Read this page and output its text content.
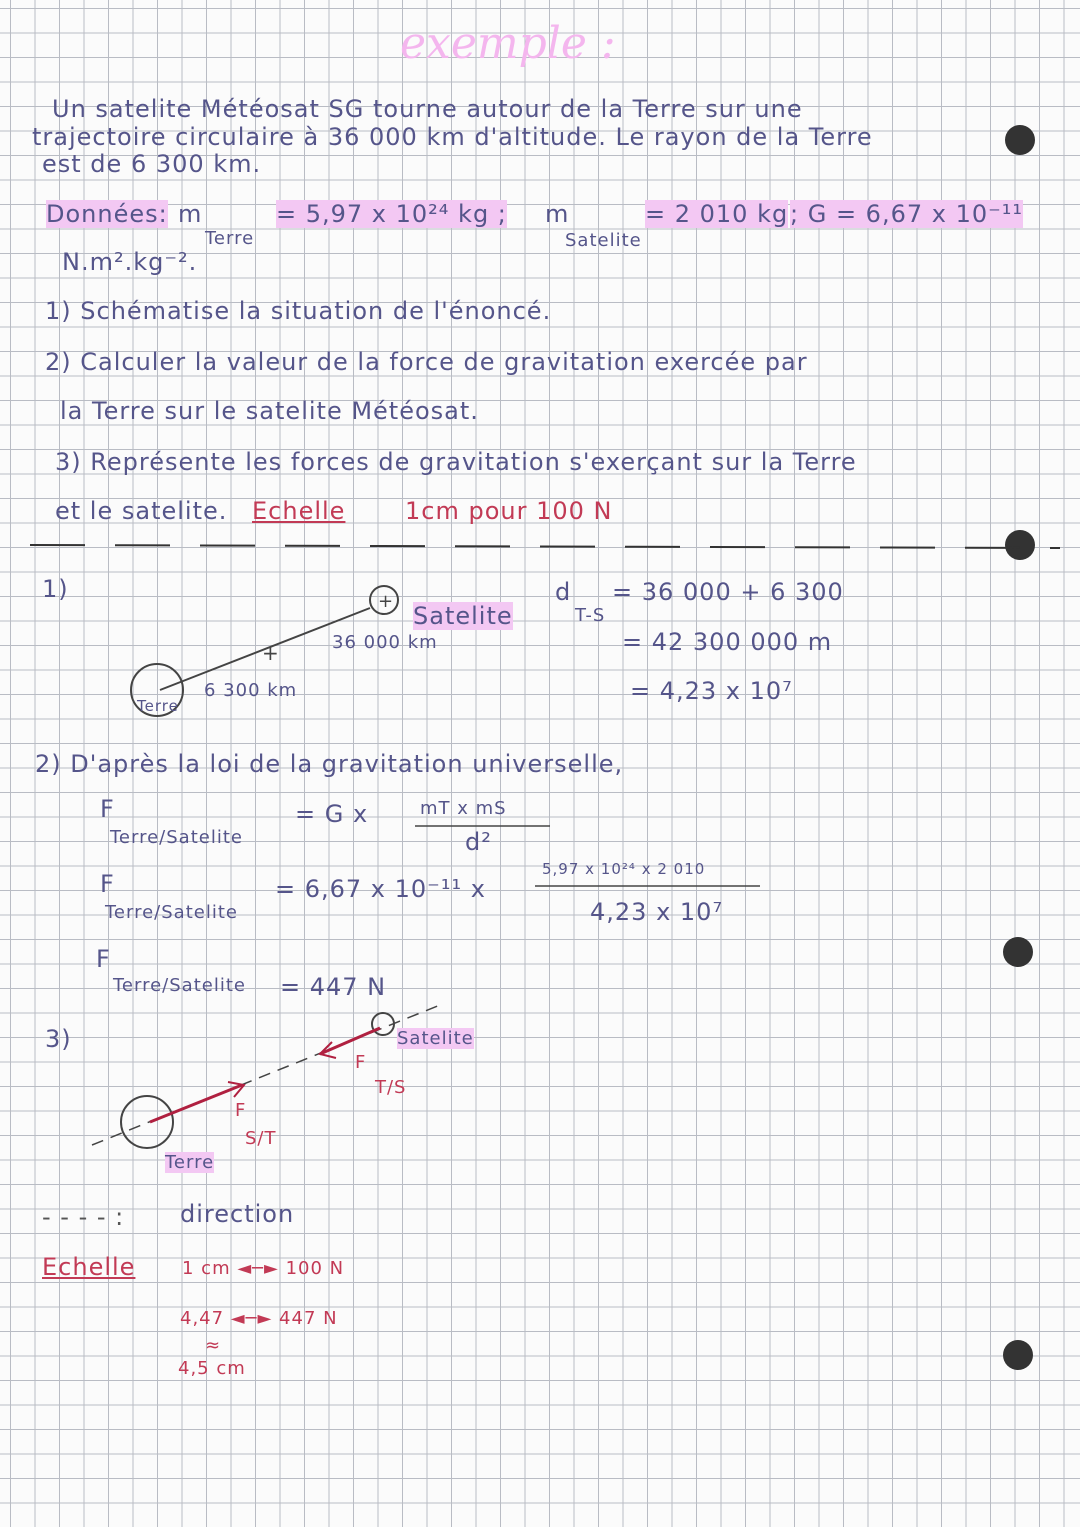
exemple :
Un satelite Météosat SG tourne autour de la Terre sur une
trajectoire circulaire à 36 000 km d'altitude. Le rayon de la Terre
est de 6 300 km.
Données: m
Terre
= 5,97 x 10²⁴ kg ; m
Satelite
= 2 010 kg ; G = 6,67 x 10⁻¹¹
N.m².kg⁻².
1) Schématise la situation de l'énoncé.
2) Calculer la valeur de la force de gravitation exercée par
la Terre sur le satelite Météosat.
3) Représente les forces de gravitation s'exerçant sur la Terre
et le satelite. Echelle 1cm pour 100 N
+
+
1)
Satelite
36 000 km
Terre
6 300 km
d
T-S
= 36 000 + 6 300
= 42 300 000 m
= 4,23 x 10⁷
2) D'après la loi de la gravitation universelle,
F
Terre/Satelite
= G x	mT x mS
d²
F
Terre/Satelite
= 6,67 x 10⁻¹¹ x
5,97 x 10²⁴ x 2 010
4,23 x 10⁷
F
Terre/Satelite = 447 N
3)	Satelite
F
T/S
F
S/T
Terre
- - - - : direction
Echelle	1 cm ◄─► 100 N
4,47 ◄─► 447 N
≈
4,5 cm
